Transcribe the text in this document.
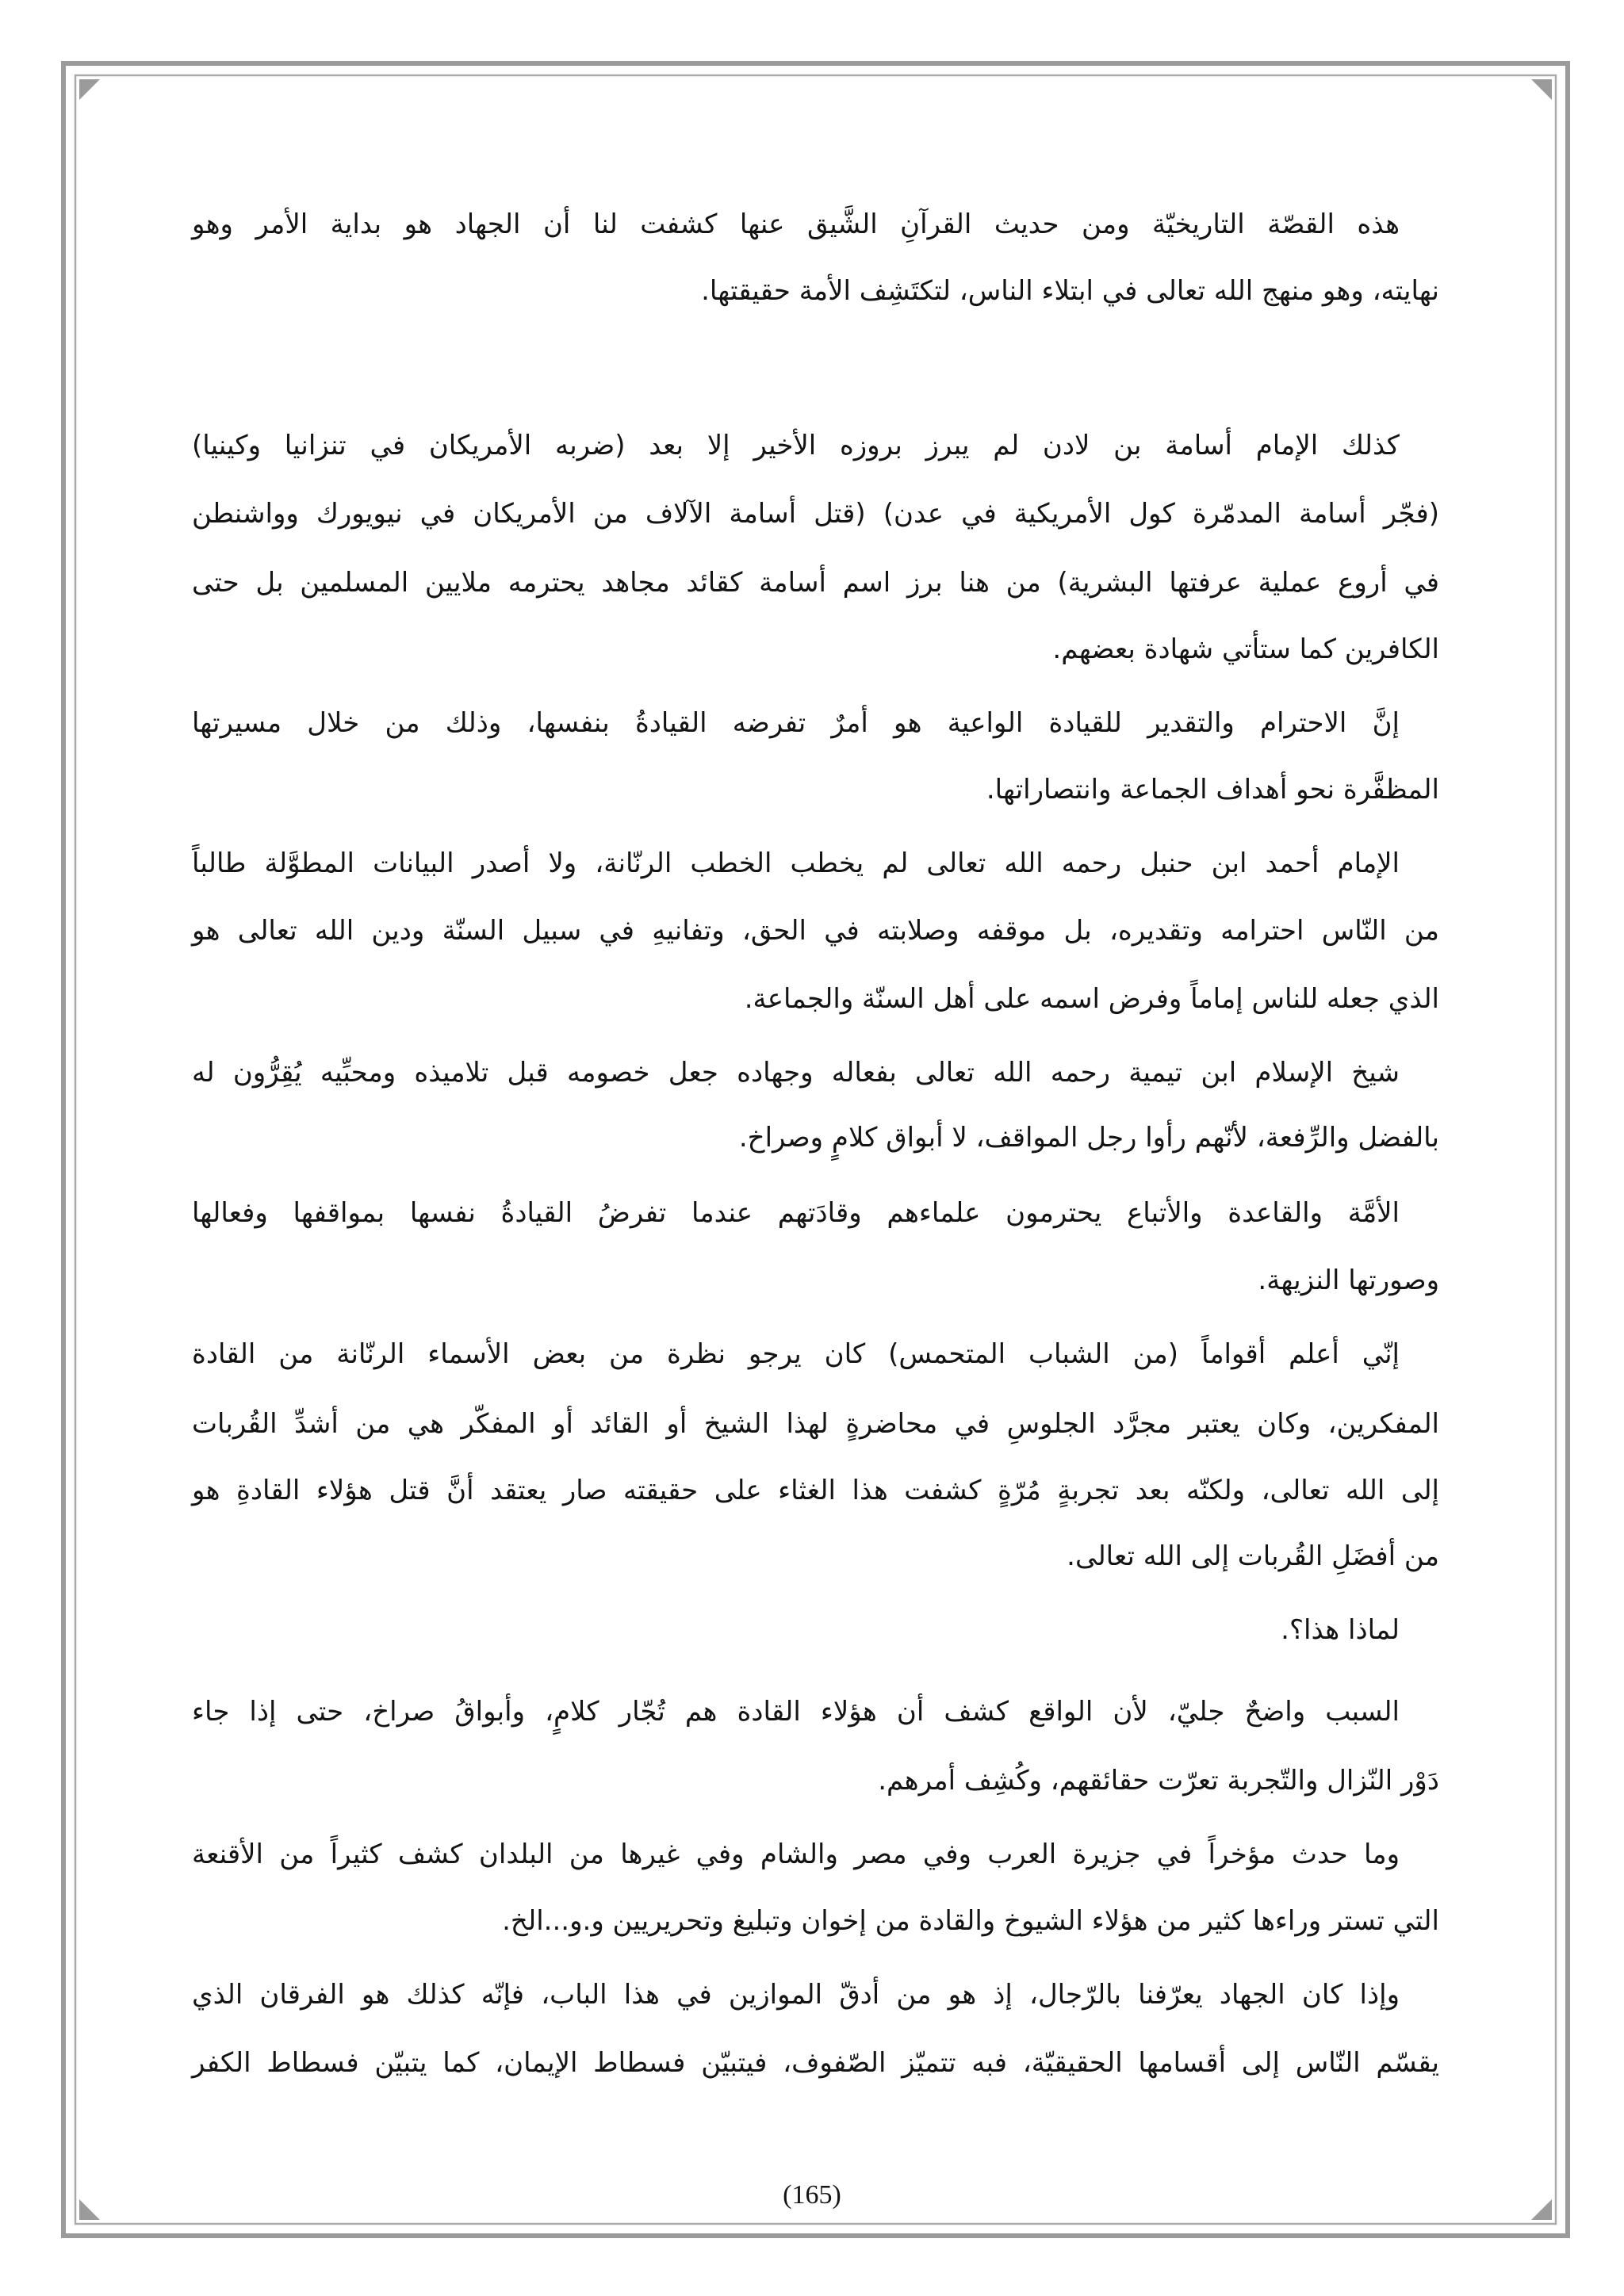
هذه القصّة التاريخيّة ومن حديث القرآنِ الشَّيق عنها كشفت لنا أن الجهاد هو بداية الأمر وهو
نهايته، وهو منهج الله تعالى في ابتلاء الناس، لتكتَشِف الأمة حقيقتها.
كذلك الإمام أسامة بن لادن لم يبرز بروزه الأخير إلا بعد (ضربه الأمريكان في تنزانيا وكينيا)
(فجّر أسامة المدمّرة كول الأمريكية في عدن) (قتل أسامة الآلاف من الأمريكان في نيويورك وواشنطن
في أروع عملية عرفتها البشرية) من هنا برز اسم أسامة كقائد مجاهد يحترمه ملايين المسلمين بل حتى
الكافرين كما ستأتي شهادة بعضهم.
إنَّ الاحترام والتقدير للقيادة الواعية هو أمرٌ تفرضه القيادةُ بنفسها، وذلك من خلال مسيرتها
المظفَّرة نحو أهداف الجماعة وانتصاراتها.
الإمام أحمد ابن حنبل رحمه الله تعالى لم يخطب الخطب الرنّانة، ولا أصدر البيانات المطوَّلة طالباً
من النّاس احترامه وتقديره، بل موقفه وصلابته في الحق، وتفانيهِ في سبيل السنّة ودين الله تعالى هو
الذي جعله للناس إماماً وفرض اسمه على أهل السنّة والجماعة.
شيخ الإسلام ابن تيمية رحمه الله تعالى بفعاله وجهاده جعل خصومه قبل تلاميذه ومحبِّيه يُقِرُّون له
بالفضل والرِّفعة، لأنّهم رأوا رجل المواقف، لا أبواق كلامٍ وصراخ.
الأمَّة والقاعدة والأتباع يحترمون علماءهم وقادَتهم عندما تفرضُ القيادةُ نفسها بمواقفها وفعالها
وصورتها النزيهة.
إنّي أعلم أقواماً (من الشباب المتحمس) كان يرجو نظرة من بعض الأسماء الرنّانة من القادة
المفكرين، وكان يعتبر مجرَّد الجلوسِ في محاضرةٍ لهذا الشيخ أو القائد أو المفكّر هي من أشدِّ القُربات
إلى الله تعالى، ولكنّه بعد تجربةٍ مُرّةٍ كشفت هذا الغثاء على حقيقته صار يعتقد أنَّ قتل هؤلاء القادةِ هو
من أفضَلِ القُربات إلى الله تعالى.
لماذا هذا؟.
السبب واضحٌ جليّ، لأن الواقع كشف أن هؤلاء القادة هم تُجّار كلامٍ، وأبواقُ صراخ، حتى إذا جاء
دَوْر النّزال والتّجربة تعرّت حقائقهم، وكُشِف أمرهم.
وما حدث مؤخراً في جزيرة العرب وفي مصر والشام وفي غيرها من البلدان كشف كثيراً من الأقنعة
التي تستر وراءها كثير من هؤلاء الشيوخ والقادة من إخوان وتبليغ وتحريريين و.و...الخ.
وإذا كان الجهاد يعرّفنا بالرّجال، إذ هو من أدقّ الموازين في هذا الباب، فإنّه كذلك هو الفرقان الذي
يقسّم النّاس إلى أقسامها الحقيقيّة، فبه تتميّز الصّفوف، فيتبيّن فسطاط الإيمان، كما يتبيّن فسطاط الكفر
(165)
